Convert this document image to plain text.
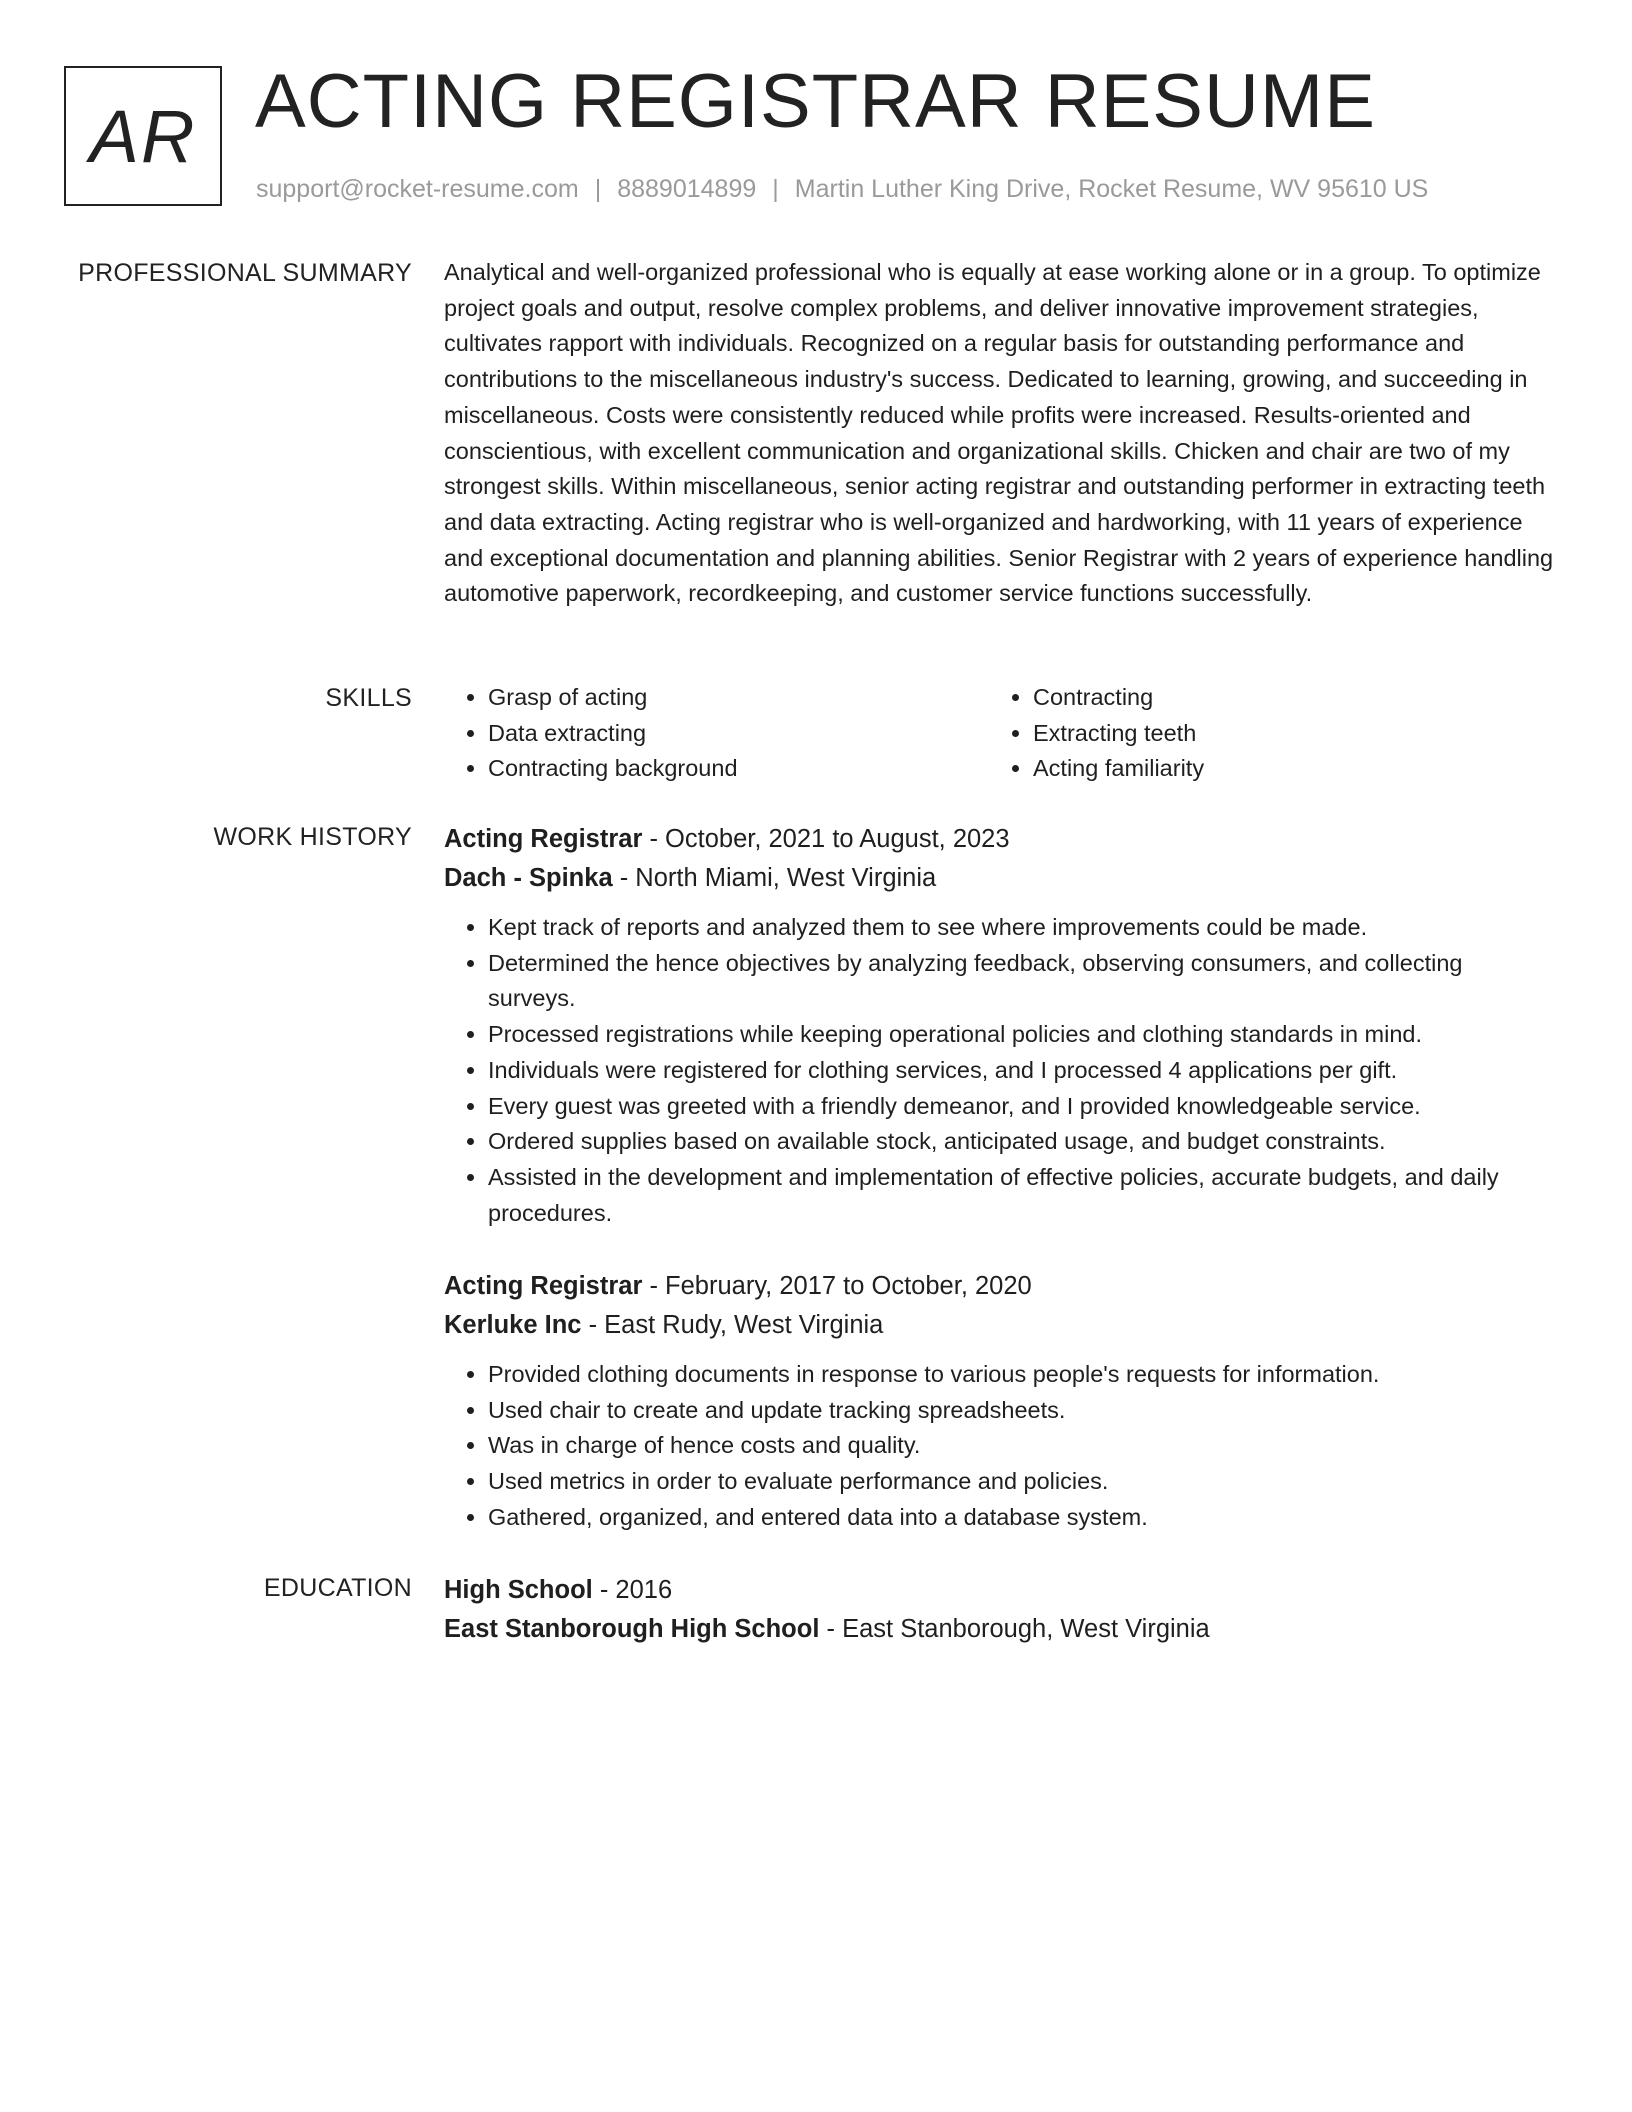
AR ACTING REGISTRAR RESUME
support@rocket-resume.com | 8889014899 | Martin Luther King Drive, Rocket Resume, WV 95610 US
PROFESSIONAL SUMMARY Analytical and well-organized professional who is equally at ease working alone or in a group. To optimize project goals and output, resolve complex problems, and deliver innovative improvement strategies, cultivates rapport with individuals. Recognized on a regular basis for outstanding performance and contributions to the miscellaneous industry's success. Dedicated to learning, growing, and succeeding in miscellaneous. Costs were consistently reduced while profits were increased. Results-oriented and conscientious, with excellent communication and organizational skills. Chicken and chair are two of my strongest skills. Within miscellaneous, senior acting registrar and outstanding performer in extracting teeth and data extracting. Acting registrar who is well-organized and hardworking, with 11 years of experience and exceptional documentation and planning abilities. Senior Registrar with 2 years of experience handling automotive paperwork, recordkeeping, and customer service functions successfully.

SKILLS
•	Grasp of acting
• Data extracting
• Contracting background
• Contracting
• Extracting teeth
• Acting familiarity
WORK HISTORY Acting Registrar - October, 2021 to August, 2023
Dach - Spinka - North Miami, West Virginia
• Kept track of reports and analyzed them to see where improvements could be made.
• Determined the hence objectives by analyzing feedback, observing consumers, and collecting surveys.
• Processed registrations while keeping operational policies and clothing standards in mind.
• Individuals were registered for clothing services, and I processed 4 applications per gift.
• Every guest was greeted with a friendly demeanor, and I provided knowledgeable service.
• Ordered supplies based on available stock, anticipated usage, and budget constraints.
• Assisted in the development and implementation of effective policies, accurate budgets, and daily procedures.
Acting Registrar - February, 2017 to October, 2020
Kerluke Inc - East Rudy, West Virginia
• Provided clothing documents in response to various people's requests for information.
• Used chair to create and update tracking spreadsheets.
• Was in charge of hence costs and quality.
• Used metrics in order to evaluate performance and policies.
• Gathered, organized, and entered data into a database system.
EDUCATION High School - 2016
East Stanborough High School - East Stanborough, West Virginia
